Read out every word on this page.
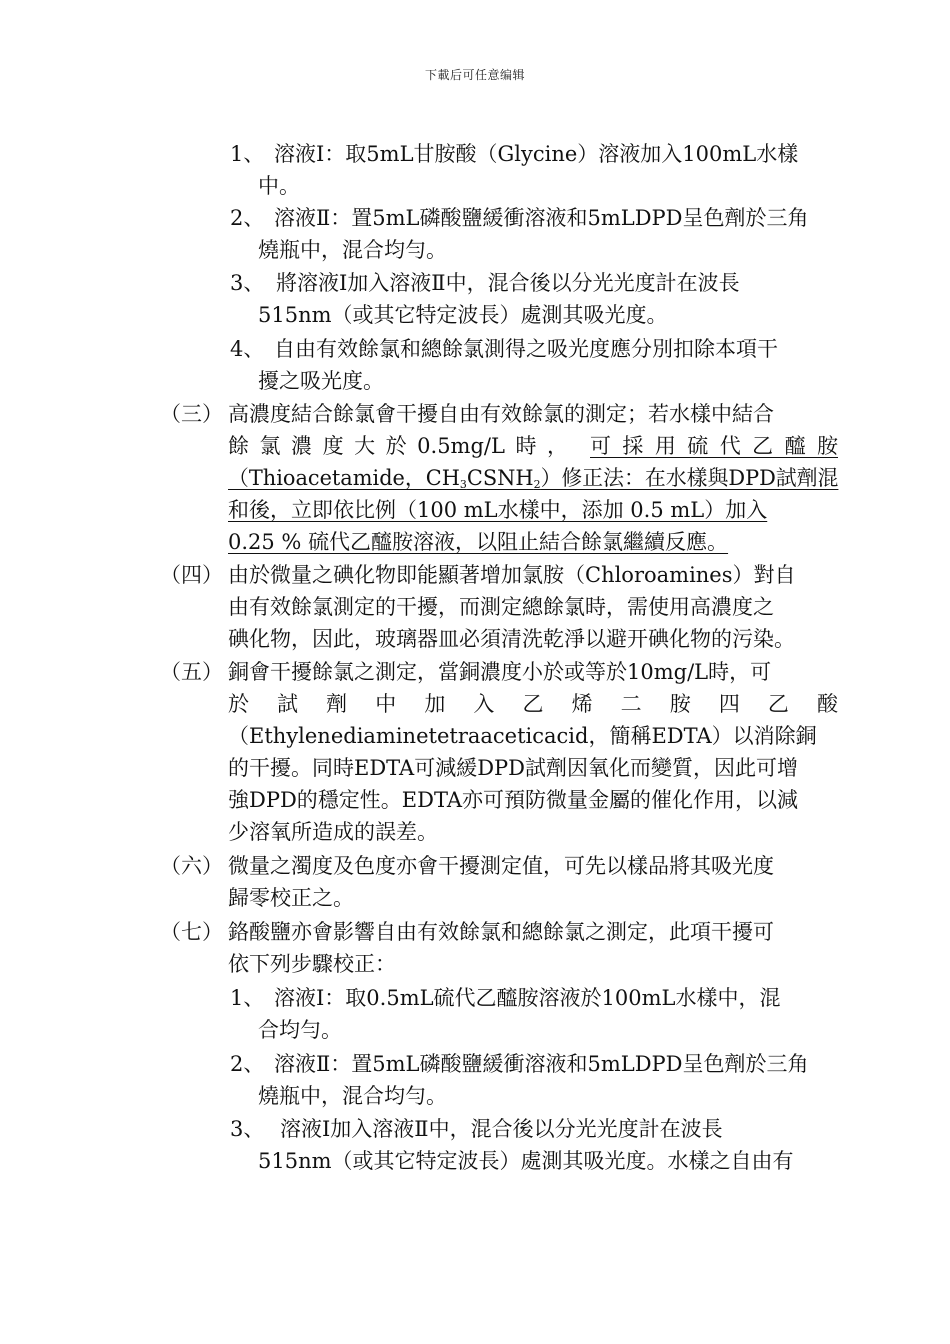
下載后可任意编辑
1、 溶液Ⅰ：取5mL甘胺酸（Glycine）溶液加入100mL水樣
中。
2、 溶液Ⅱ：置5mL磷酸鹽緩衝溶液和5mLDPD呈色劑於三角
燒瓶中，混合均勻。
3、 將溶液Ⅰ加入溶液Ⅱ中，混合後以分光光度計在波長
515nm（或其它特定波長）處測其吸光度。
4、 自由有效餘氯和總餘氯測得之吸光度應分別扣除本項干
擾之吸光度。
（三） 高濃度結合餘氯會干擾自由有效餘氯的測定；若水樣中結合
餘氯濃度大於0.5mg/L時， 可採用硫代乙醯胺
（Thioacetamide，$CH_3CSNH_2$）修正法：在水樣與DPD試劑混
和後，立即依比例（100 mL水樣中，添加 0.5 mL）加入
0.25 % 硫代乙醯胺溶液，以阻止結合餘氯繼續反應。
（四） 由於微量之碘化物即能顯著增加氯胺（Chloroamines）對自
由有效餘氯測定的干擾，而測定總餘氯時，需使用高濃度之
碘化物，因此，玻璃器皿必須清洗乾淨以避开碘化物的污染。
（五） 銅會干擾餘氯之測定，當銅濃度小於或等於10mg/L時，可
於試劑中加入乙烯二胺四乙酸
（Ethylenediaminetetraaceticacid，簡稱EDTA）以消除銅
的干擾。同時EDTA可減緩DPD試劑因氧化而變質，因此可增
強DPD的穩定性。EDTA亦可預防微量金屬的催化作用，以減
少溶氧所造成的誤差。
（六） 微量之濁度及色度亦會干擾測定值，可先以樣品將其吸光度
歸零校正之。
（七） 鉻酸鹽亦會影響自由有效餘氯和總餘氯之測定，此項干擾可
依下列步驟校正：
1、 溶液Ⅰ：取0.5mL硫代乙醯胺溶液於100mL水樣中，混
合均勻。
2、 溶液Ⅱ：置5mL磷酸鹽緩衝溶液和5mLDPD呈色劑於三角
燒瓶中，混合均勻。
3、 溶液Ⅰ加入溶液Ⅱ中，混合後以分光光度計在波長
515nm（或其它特定波長）處測其吸光度。水樣之自由有
